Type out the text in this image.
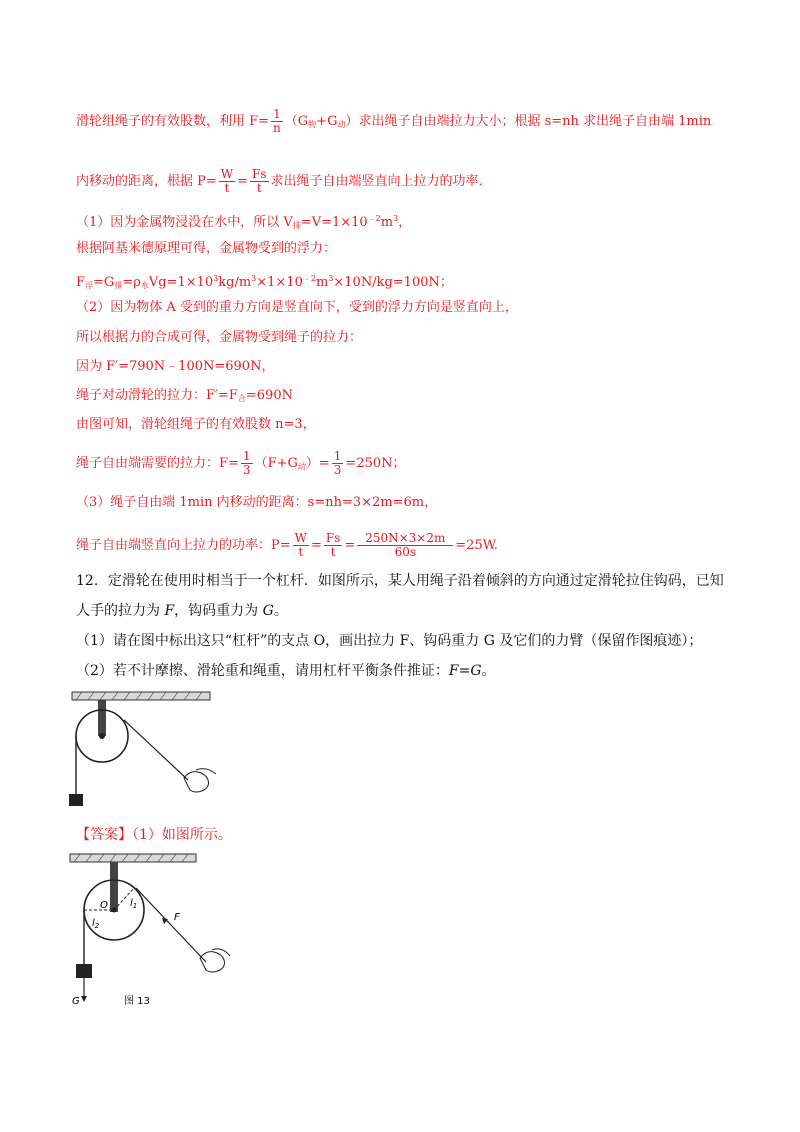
滑轮组绳子的有效股数，利用 $F= \frac{1}{n} (G_物+G_动)$求出绳子自由端拉力大小；根据 s=nh 求出绳子自由端 1min
内移动的距离，根据 $P= \frac{W}{t} = \frac{Fs}{t}$ 求出绳子自由端竖直向上拉力的功率．
（1）因为金属物浸没在水中，所以 $V_排=V=1\times 10^{﹣2}m^3$，
根据阿基米德原理可得，金属物受到的浮力：
$F_浮=G_排=\rho_水Vg=1\times 10^3kg/m^3\times 1\times 10^{﹣2}m^3\times 10N/kg=100N$；
（2）因为物体 A 受到的重力方向是竖直向下，受到的浮力方向是竖直向上，
所以根据力的合成可得，金属物受到绳子的拉力：
因为 F′=790N﹣100N=690N，
绳子对动滑轮的拉力：$F'=F_合=690N$
由图可知，滑轮组绳子的有效股数 n=3，
绳子自由端需要的拉力：$F= \frac{1}{3} (F+G_动)= \frac{1}{3} =250N$；
（3）绳子自由端 1min 内移动的距离：s=nh=3×2m=6m，
绳子自由端竖直向上拉力的功率：$P= \frac{W}{t} = \frac{Fs}{t} = \frac{250N\times 3\times 2m}{60s} =25W$.
12．定滑轮在使用时相当于一个杠杆．如图所示，某人用绳子沿着倾斜的方向通过定滑轮拉住钩码，已知
人手的拉力为 F，钩码重力为 G。
（1）请在图中标出这只“杠杆”的支点 O，画出拉力 F、钩码重力 G 及它们的力臂（保留作图痕迹）；
（2）若不计摩擦、滑轮重和绳重，请用杠杆平衡条件推证：F=G。
【答案】（1）如图所示。
O $l_1$
$l_2$
F
G	图 13
